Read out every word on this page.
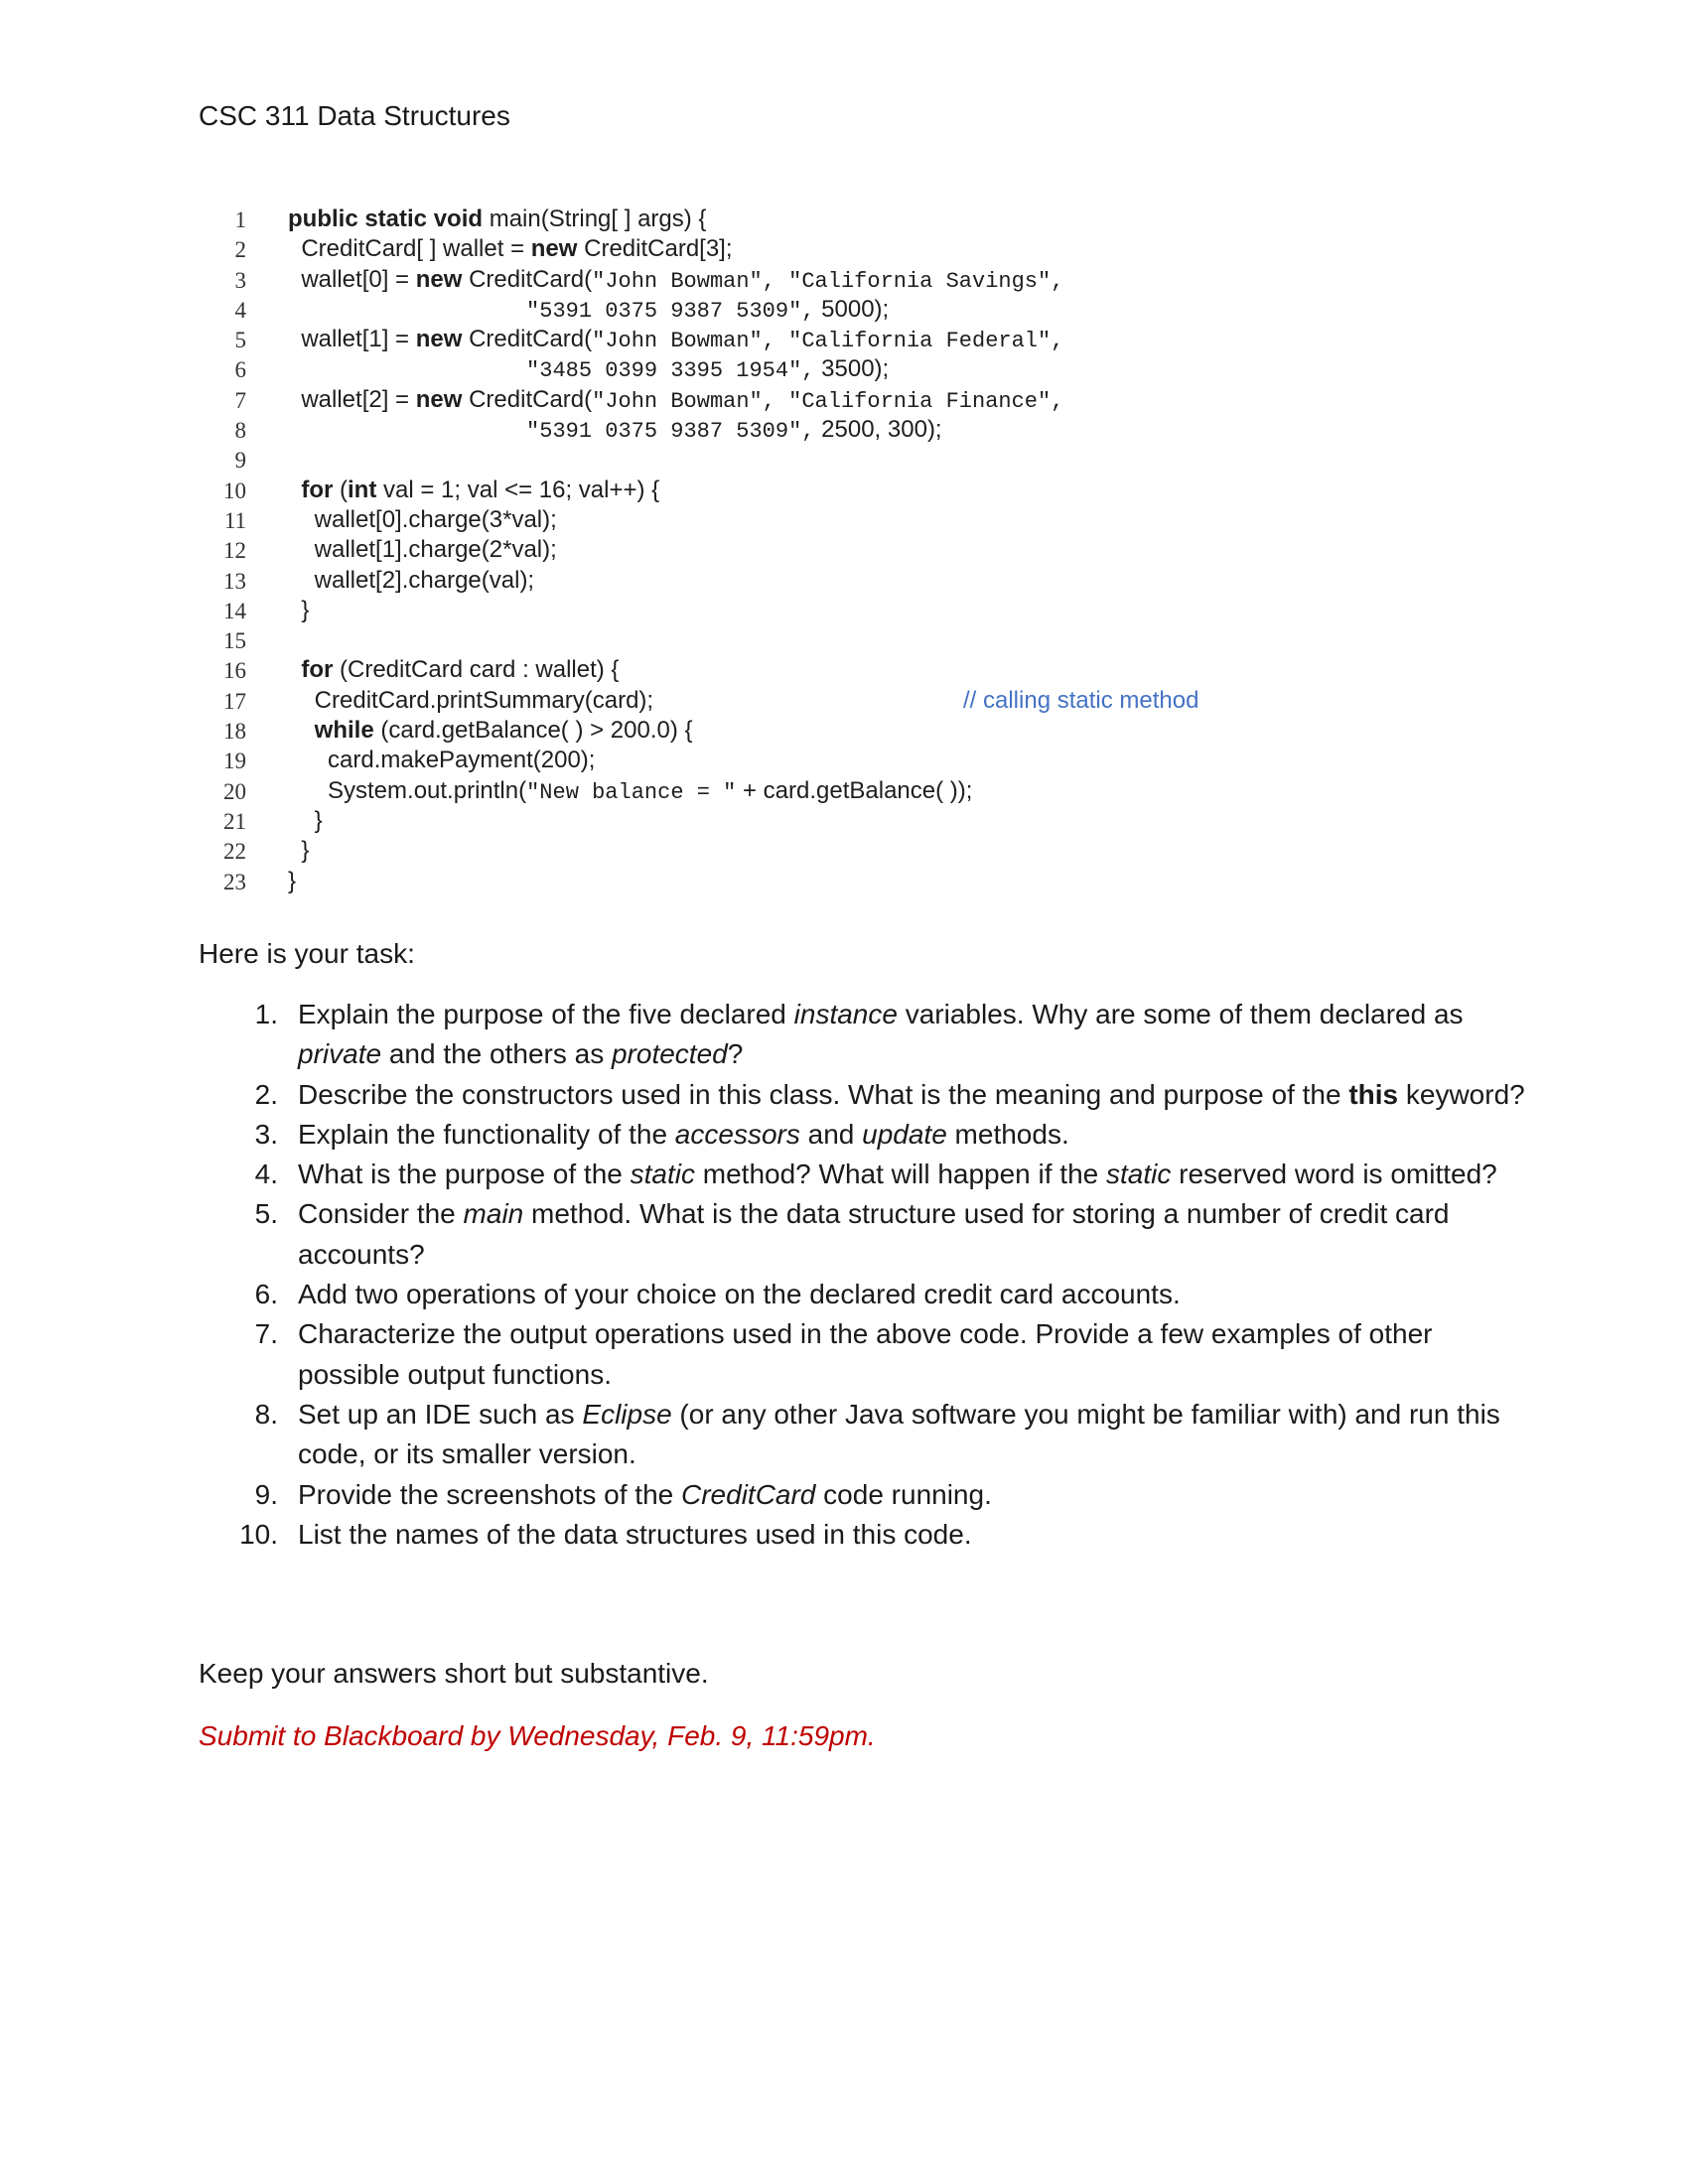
CSC 311 Data Structures
1 public static void main(String[ ] args) {
2 CreditCard[ ] wallet = new CreditCard[3];
3 wallet[0] = new CreditCard("John Bowman", "California Savings",
4	"5391 0375 9387 5309", 5000);
5 wallet[1] = new CreditCard("John Bowman", "California Federal",
6	"3485 0399 3395 1954", 3500);
7 wallet[2] = new CreditCard("John Bowman", "California Finance",
8	"5391 0375 9387 5309", 2500, 300);
9
10	for (int val = 1; val <= 16; val++) {
11 wallet[0].charge(3*val);
12 wallet[1].charge(2*val);
13 wallet[2].charge(val);
14 }
15
16	for (CreditCard card : wallet) {
17 CreditCard.printSummary(card);	// calling static method
18	while (card.getBalance( ) > 200.0) {
19 card.makePayment(200);
20 System.out.println("New balance = " + card.getBalance( ));
21 }
22 }
23 }
Here is your task:
1. Explain the purpose of the five declared instance variables. Why are some of them declared as private and the others as protected?
2. Describe the constructors used in this class. What is the meaning and purpose of the this keyword?
3. Explain the functionality of the accessors and update methods.
4. What is the purpose of the static method? What will happen if the static reserved word is omitted?
5. Consider the main method. What is the data structure used for storing a number of credit card accounts?
6. Add two operations of your choice on the declared credit card accounts.
7. Characterize the output operations used in the above code. Provide a few examples of other possible output functions.
8. Set up an IDE such as Eclipse (or any other Java software you might be familiar with) and run this code, or its smaller version.
9. Provide the screenshots of the CreditCard code running.
10. List the names of the data structures used in this code.
Keep your answers short but substantive.
Submit to Blackboard by Wednesday, Feb. 9, 11:59pm.
